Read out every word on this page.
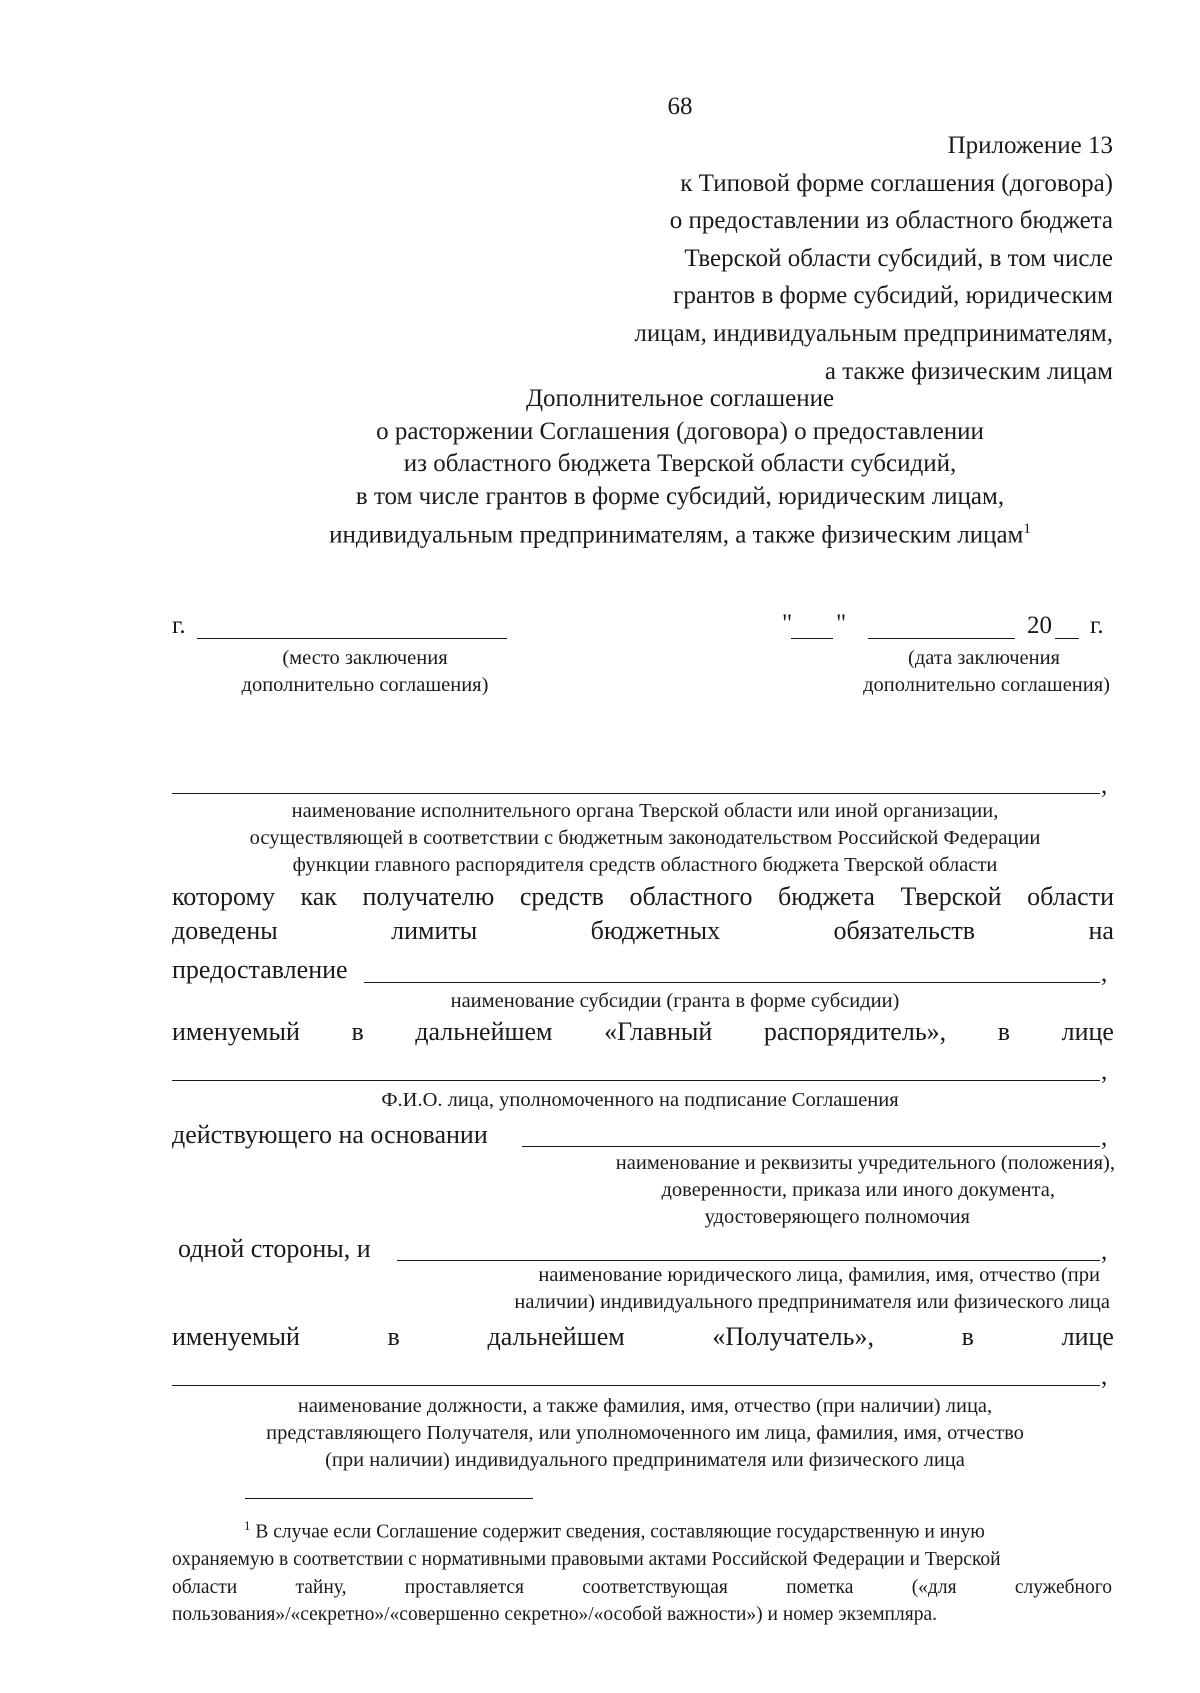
68
Приложение 13
к Типовой форме соглашения (договора)
о предоставлении из областного бюджета
Тверской области субсидий, в том числе
грантов в форме субсидий, юридическим
лицам, индивидуальным предпринимателям,
а также физическим лицам
Дополнительное соглашение
о расторжении Соглашения (договора) о предоставлении
из областного бюджета Тверской области субсидий,
в том числе грантов в форме субсидий, юридическим лицам,
индивидуальным предпринимателям, а также физическим лицам$^1$
г.
(место заключения
дополнительно соглашения)
" "	20 г.
(дата заключения
дополнительно соглашения)
,
наименование исполнительного органа Тверской области или иной организации,
осуществляющей в соответствии с бюджетным законодательством Российской Федерации
функции главного распорядителя средств областного бюджета Тверской области
которому как получателю средств областного бюджета Тверской области
доведены	лимиты	бюджетных	обязательств	на
предоставление	,
наименование субсидии (гранта в форме субсидии)
именуемый в дальнейшем «Главный распорядитель», в лице
,
Ф.И.О. лица, уполномоченного на подписание Соглашения
действующего на основании	,
наименование и реквизиты учредительного (положения),
доверенности, приказа или иного документа,
удостоверяющего полномочия
одной стороны, и	,
наименование юридического лица, фамилия, имя, отчество (при
наличии) индивидуального предпринимателя или физического лица
именуемый	в	дальнейшем	«Получатель»,	в	лице
,
наименование должности, а также фамилия, имя, отчество (при наличии) лица,
представляющего Получателя, или уполномоченного им лица, фамилия, имя, отчество
(при наличии) индивидуального предпринимателя или физического лица
$^1$ В случае если Соглашение содержит сведения, составляющие государственную и иную
охраняемую в соответствии с нормативными правовыми актами Российской Федерации и Тверской
области	тайну,	проставляется	соответствующая	пометка	(«для	служебного
пользования»/«секретно»/«совершенно секретно»/«особой важности») и номер экземпляра.
